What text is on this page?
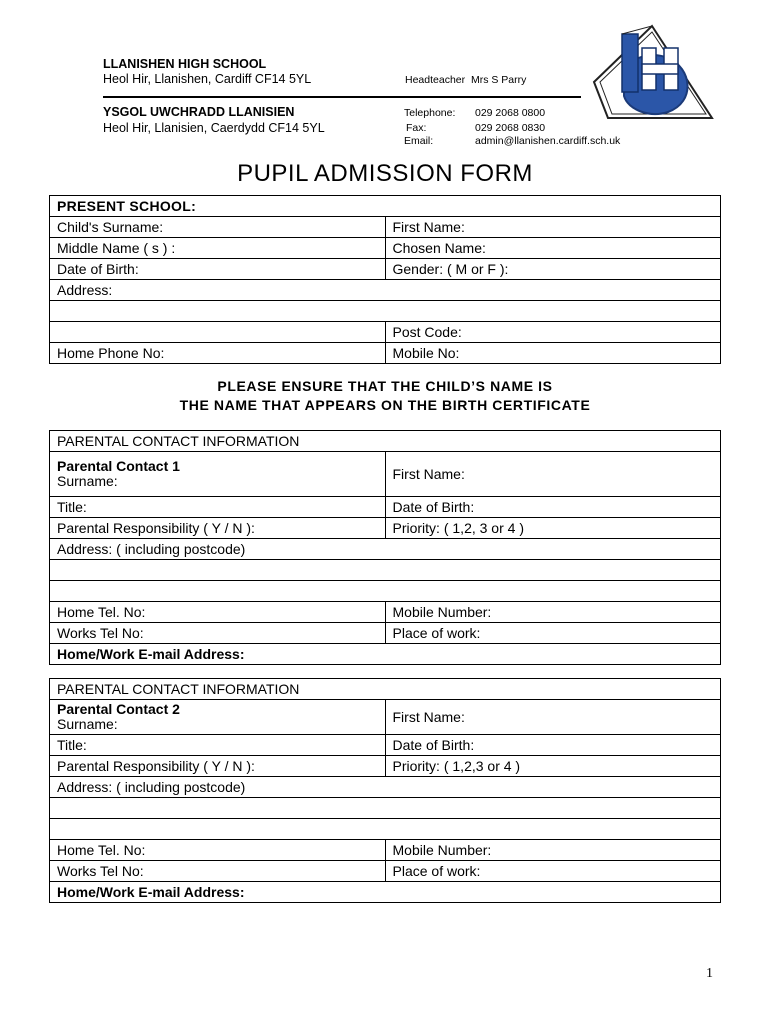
LLANISHEN HIGH SCHOOL
Heol Hir, Llanishen, Cardiff CF14 5YL	Headteacher Mrs S Parry
YSGOL UWCHRADD LLANISIEN
Heol Hir, Llanisien, Caerdydd CF14 5YL
Telephone: 029 2068 0800
Fax:	029 2068 0830
Email:	admin@llanishen.cardiff.sch.uk
PUPIL ADMISSION FORM
PRESENT SCHOOL:	
Child's Surname:	First Name:
Middle Name ( s ) :	Chosen Name:
Date of Birth:	Gender: ( M or F ):
Address:	

	Post Code:
Home Phone No:	Mobile No:
PLEASE ENSURE THAT THE CHILD’S NAME IS
THE NAME THAT APPEARS ON THE BIRTH CERTIFICATE
PARENTAL CONTACT INFORMATION	

Parental Contact 1
Surname:	First Name:
Title:	Date of Birth:
Parental Responsibility ( Y / N ):	Priority: ( 1,2, 3 or 4 )
Address: ( including postcode)	

Home Tel. No:	Mobile Number:
Works Tel No:	Place of work:
Home/Work E-mail Address:	
PARENTAL CONTACT INFORMATION	

Parental Contact 2
Surname:	First Name:
Title:	Date of Birth:
Parental Responsibility ( Y / N ):	Priority: ( 1,2,3 or 4 )
Address: ( including postcode)	

Home Tel. No:	Mobile Number:
Works Tel No:	Place of work:
Home/Work E-mail Address:	
1
